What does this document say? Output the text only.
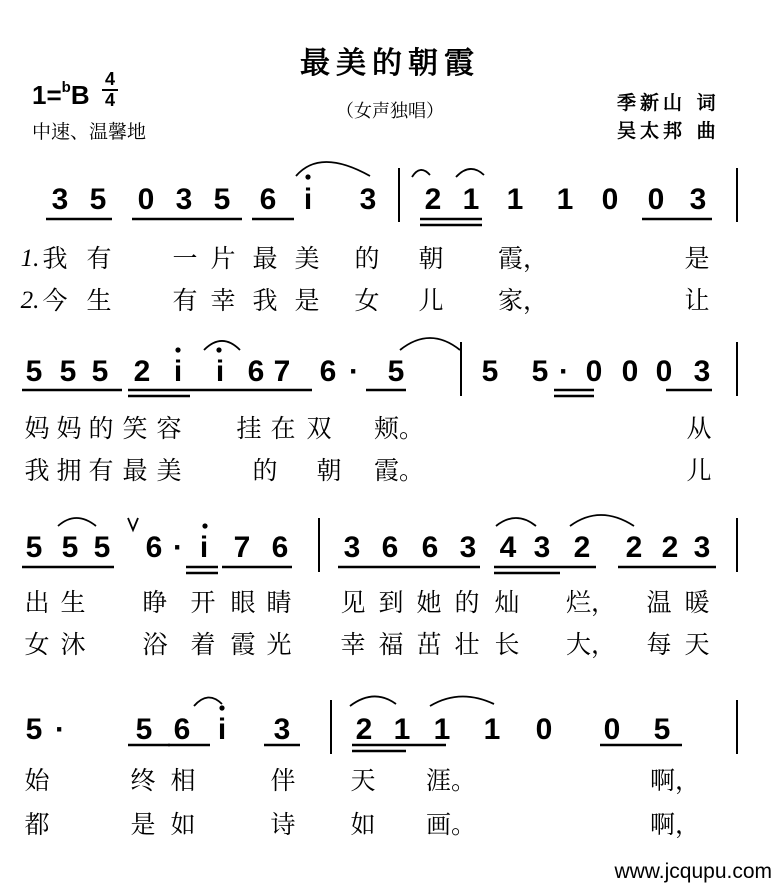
最美的朝霞
（女声独唱）
1=$^b$B
4
4
中速、温馨地
季新山 词
吴太邦 曲
3 5 0 3 5 6 i	3 2 1 1 1 0 0 3
1. 我 有 一 片 最 美 的 朝 霞，	是
2. 今 生 有 幸 我 是 女 儿 家，	让
5 5 5 2 i	i 6 7 6 · 5	5 5 · 0 0 0 3
妈 妈 的 笑 容 挂 在 双 颊。	从
我 拥 有 最 美	的 朝 霞。	儿
5 5 5 6 · i 7 6 3 6 6 3 4 3 2 2 2 3
出 生 睁 开 眼 睛 见 到 她 的 灿 烂， 温 暖
女 沐 浴 着 霞 光 幸 福 茁 壮 长 大， 每 天
5 ·	5 6 i	3 2 1 1 1 0 0 5
始	终 相	伴 天 涯。	啊，
都	是 如	诗 如 画。	啊，
www.jcqupu.com
